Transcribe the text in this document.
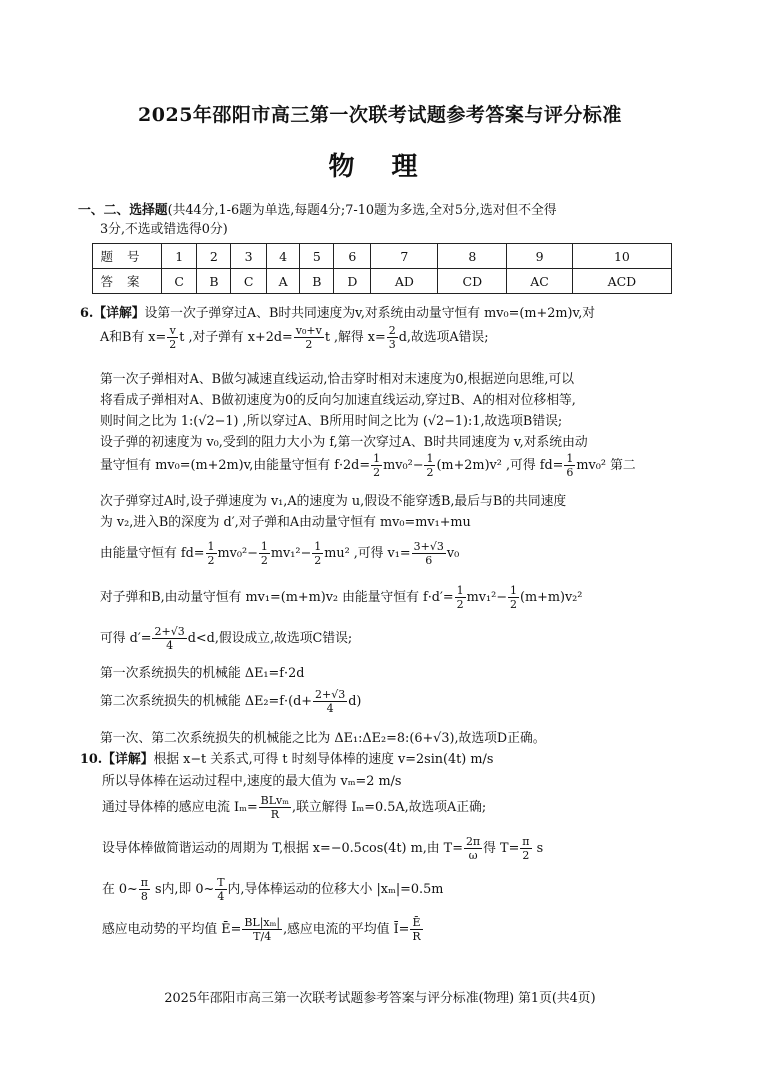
2025年邵阳市高三第一次联考试题参考答案与评分标准
物 理
一、二、选择题(共44分,1-6题为单选,每题4分;7-10题为多选,全对5分,选对但不全得
3分,不选或错选得0分)
题号	1	2	3	4	5	6	7	8	9	10
答案	C	B	C	A	B	D	AD	CD	AC	ACD
6.【详解】设第一次子弹穿过A、B时共同速度为v,对系统由动量守恒有 mv₀=(m+2m)v,对
A和B有 $x= \frac{v}{2}$ t ,对子弹有 $x+2d= \frac{\text{v₀+v}}{2}$ t ,解得 $x= \frac{2}{3} d$,故选项A错误;
第一次子弹相对A、B做匀减速直线运动,恰击穿时相对末速度为0,根据逆向思维,可以
将看成子弹相对A、B做初速度为0的反向匀加速直线运动,穿过B、A的相对位移相等,
则时间之比为 1:(√2−1) ,所以穿过A、B所用时间之比为 (√2−1):1,故选项B错误;
设子弹的初速度为 v₀,受到的阻力大小为 f,第一次穿过A、B时共同速度为 v,对系统由动
量守恒有 mv₀=(m+2m)v,由能量守恒有 $f\cdot 2d= \frac{1}{2} mv_0^2- \frac{1}{2} (m+2m)v^2$ ,可得 $fd= \frac{1}{6} mv_0^2$ 第二
次子弹穿过A时,设子弹速度为 v₁,A的速度为 u,假设不能穿透B,最后与B的共同速度
为 v₂,进入B的深度为 d′,对子弹和A由动量守恒有 mv₀=mv₁+mu
由能量守恒有 $fd= \frac{1}{2} mv_0^2- \frac{1}{2} mv_1^2- \frac{1}{2} mu^2$ ,可得 $v_1= \frac{3+√3}{6} v_0$
对子弹和B,由动量守恒有 mv₁=(m+m)v₂ 由能量守恒有 $f\cdot d'= \frac{1}{2} mv_1^2- \frac{1}{2} (m+m)v_2^2$
可得 $d'= \frac{2+√3}{4} d<d$,假设成立,故选项C错误;
第一次系统损失的机械能 ΔE₁=f·2d
第二次系统损失的机械能 $\Delta E_2=f\cdot(d+ \frac{2+√3}{4} d)$
第一次、第二次系统损失的机械能之比为 ΔE₁:ΔE₂=8:(6+√3),故选项D正确。
10.【详解】根据 x−t 关系式,可得 t 时刻导体棒的速度 v=2sin(4t) m/s
所以导体棒在运动过程中,速度的最大值为 vₘ=2 m/s
通过导体棒的感应电流 $I_m= \frac{\text{BLvₘ}}{R}$ ,联立解得 Iₘ=0.5A,故选项A正确;
设导体棒做简谐运动的周期为 T,根据 x=−0.5cos(4t) m,由 $T= \frac{2\pi}{\omega}$ 得 $T= \frac{\pi}{2}$ s
在 0~ $\frac{\pi}{8}$ s内,即 0~ $\frac{T}{4}$ 内,导体棒运动的位移大小 |xₘ|=0.5m
感应电动势的平均值 Ē= $\frac{\text{BL|xₘ|}}{T/4}$ ,感应电流的平均值 Ī= $\frac{Ē}{R}$
2025年邵阳市高三第一次联考试题参考答案与评分标准(物理) 第1页(共4页)
